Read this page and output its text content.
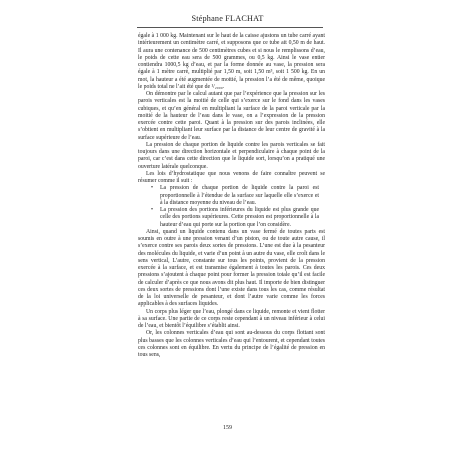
Stéphane FLACHAT

égale à 1 000 kg. Maintenant sur le haut de la caisse ajustons un tube carré ayant intérieurement un centimètre carré, et supposons que ce tube ait 0,50 m de haut. Il aura une contenance de 500 centimètres cubes et si nous le remplissons d’eau, le poids de cette eau sera de 500 grammes, ou 0,5 kg. Ainsi le vase entier contiendra 1000,5 kg d’eau, et par la forme donnée au vase, la pression sera égale à 1 mètre carré, multiplié par 1,50 m, soit 1,50 m³, soit 1 500 kg. En un mot, la hauteur a été augmentée de moitié, la pression l’a été de même, quoique le poids total ne l’ait été que de ¹/₂₀₀₀.

On démontre par le calcul autant que par l’expérience que la pression sur les parois verticales est la moitié de celle qui s’exerce sur le fond dans les vases cubiques, et qu’en général en multipliant la surface de la paroi verticale par la moitié de la hauteur de l’eau dans le vase, on a l’expression de la pression exercée contre cette paroi. Quant à la pression sur des parois inclinées, elle s’obtient en multipliant leur surface par la distance de leur centre de gravité à la surface supérieure de l’eau.

La pression de chaque portion de liquide contre les parois verticales se fait toujours dans une direction horizontale et perpendiculaire à chaque point de la paroi, car c’est dans cette direction que le liquide sort, lorsqu’on a pratiqué une ouverture latérale quelconque.

Les lois d’hydrostatique que nous venons de faire connaître peuvent se résumer comme il suit :

• La pression de chaque portion de liquide contre la paroi est proportionnelle à l’étendue de la surface sur laquelle elle s’exerce et à la distance moyenne du niveau de l’eau.
• La pression des portions inférieures du liquide est plus grande que celle des portions supérieures. Cette pression est proportionnelle à la hauteur d’eau qui porte sur la portion que l’on considère.

Ainsi, quand un liquide contenu dans un vase fermé de toutes parts est soumis en outre à une pression venant d’un piston, ou de toute autre cause, il s’exerce contre ses parois deux sortes de pressions. L’une est due à la pesanteur des molécules du liquide, et varie d’un point à un autre du vase, elle croît dans le sens vertical, L’autre, constante sur tous les points, provient de la pression exercée à la surface, et est transmise également à toutes les parois. Ces deux pressions s’ajoutent à chaque point pour former la pression totale qu’il est facile de calculer d’après ce que nous avons dit plus haut. Il importe de bien distinguer ces deux sortes de pressions dont l’une existe dans tous les cas, comme résultat de la loi universelle de pesanteur, et dont l’autre varie comme les forces applicables à des surfaces liquides.

Un corps plus léger que l’eau, plongé dans ce liquide, remonte et vient flotter à sa surface. Une partie de ce corps reste cependant à un niveau inférieur à celui de l’eau, et bientôt l’équilibre s’établit ainsi.

Or, les colonnes verticales d’eau qui sont au-dessous du corps flottant sont plus basses que les colonnes verticales d’eau qui l’entourent, et cependant toutes ces colonnes sont en équilibre. En vertu du principe de l’égalité de pression en tous sens,

159
